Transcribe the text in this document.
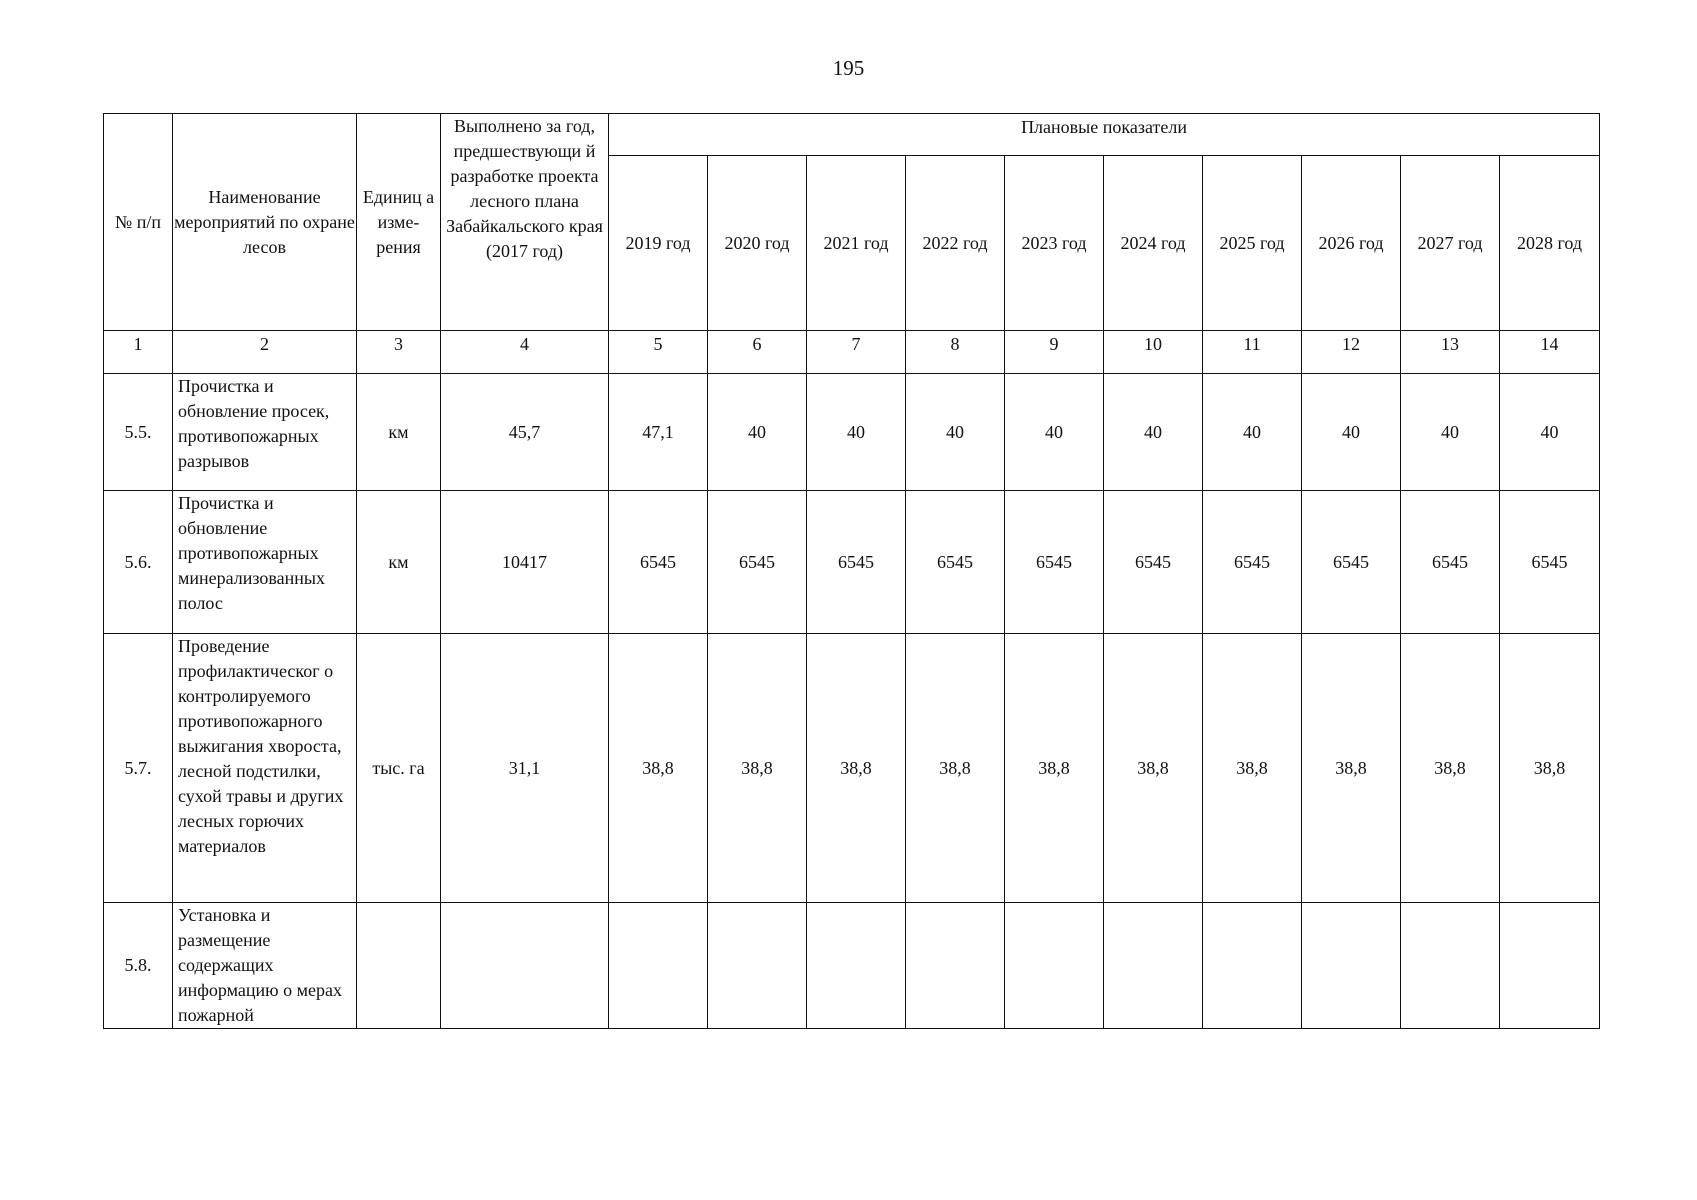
195
№ п/п	Наименование мероприятий по охране лесов	Единиц а изме-рения	Выполнено за год, предшествующи й разработке проекта лесного плана Забайкальского края (2017 год)	Плановые показатели									
				2019 год	2020 год	2021 год	2022 год	2023 год	2024 год	2025 год	2026 год	2027 год	2028 год
1	2	3	4	5	6	7	8	9	10	11	12	13	14
5.5.	Прочистка и обновление просек, противопожарных разрывов	км	45,7	47,1	40	40	40	40	40	40	40	40	40
5.6.	Прочистка и обновление противопожарных минерализованных полос	км	10417	6545	6545	6545	6545	6545	6545	6545	6545	6545	6545
5.7.	Проведение профилактическог о контролируемого противопожарного выжигания хвороста, лесной подстилки, сухой травы и других лесных горючих материалов	тыс. га	31,1	38,8	38,8	38,8	38,8	38,8	38,8	38,8	38,8	38,8	38,8
5.8.	Установка и размещение содержащих информацию о мерах пожарной												
